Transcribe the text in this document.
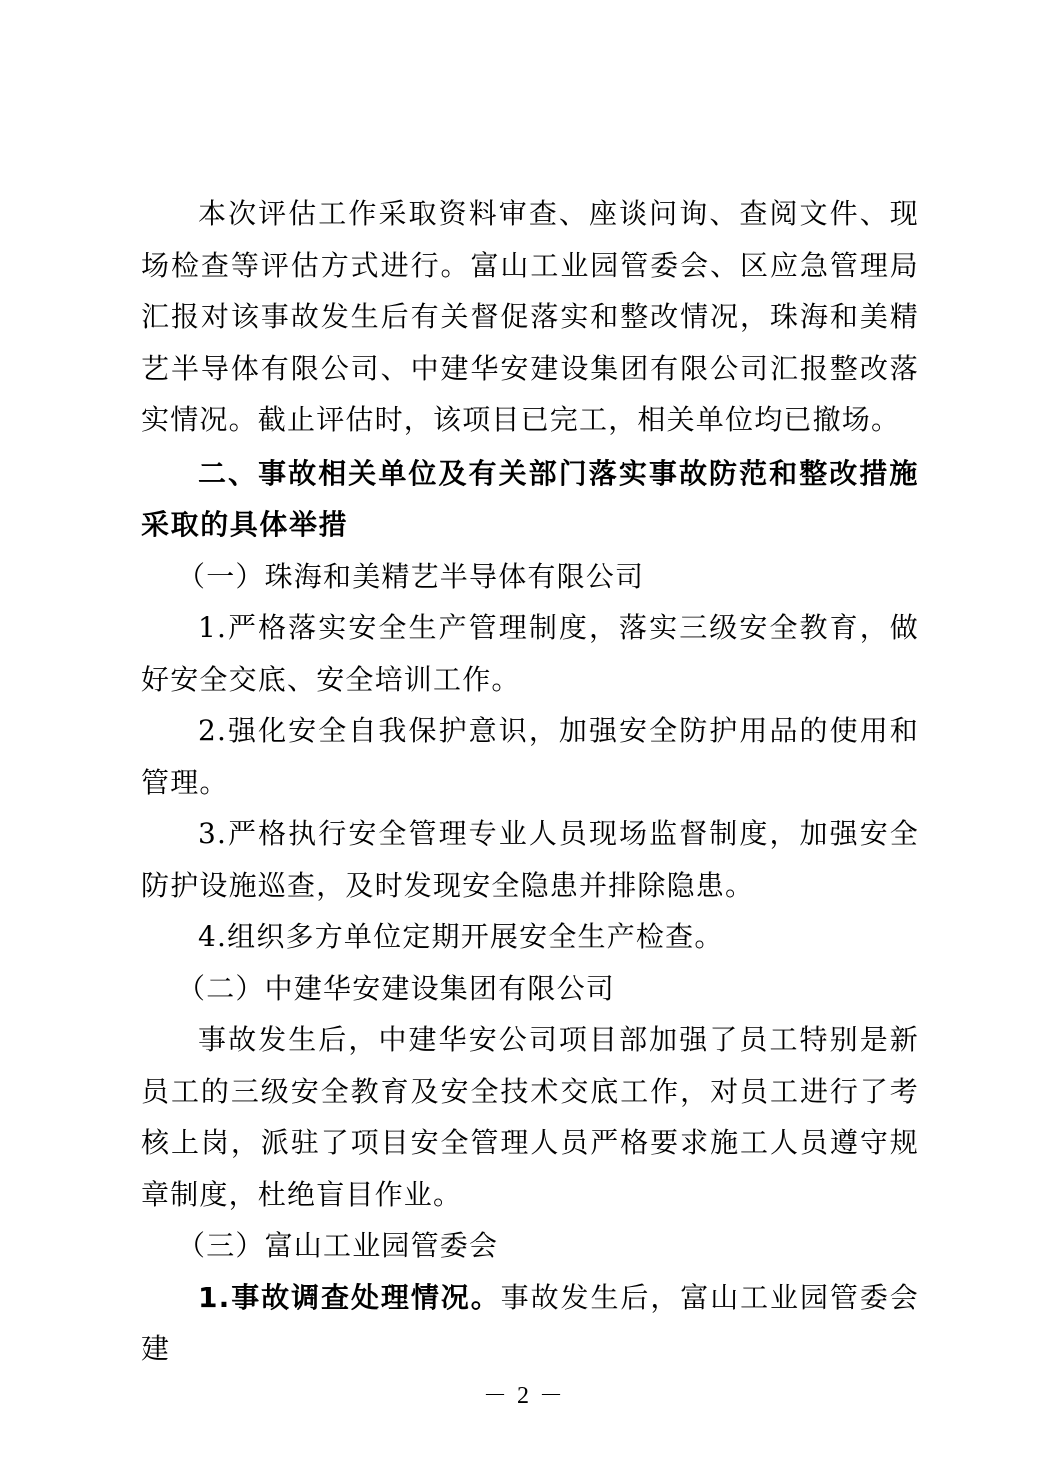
本次评估工作采取资料审查、座谈问询、查阅文件、现场检查等评估方式进行。富山工业园管委会、区应急管理局汇报对该事故发生后有关督促落实和整改情况，珠海和美精艺半导体有限公司、中建华安建设集团有限公司汇报整改落实情况。截止评估时，该项目已完工，相关单位均已撤场。

二、事故相关单位及有关部门落实事故防范和整改措施采取的具体举措

（一）珠海和美精艺半导体有限公司

1.严格落实安全生产管理制度，落实三级安全教育，做好安全交底、安全培训工作。

2.强化安全自我保护意识，加强安全防护用品的使用和管理。

3.严格执行安全管理专业人员现场监督制度，加强安全防护设施巡查，及时发现安全隐患并排除隐患。

4.组织多方单位定期开展安全生产检查。

（二）中建华安建设集团有限公司

事故发生后，中建华安公司项目部加强了员工特别是新员工的三级安全教育及安全技术交底工作，对员工进行了考核上岗，派驻了项目安全管理人员严格要求施工人员遵守规章制度，杜绝盲目作业。

（三）富山工业园管委会

1.事故调查处理情况。事故发生后，富山工业园管委会建

－ 2 －
